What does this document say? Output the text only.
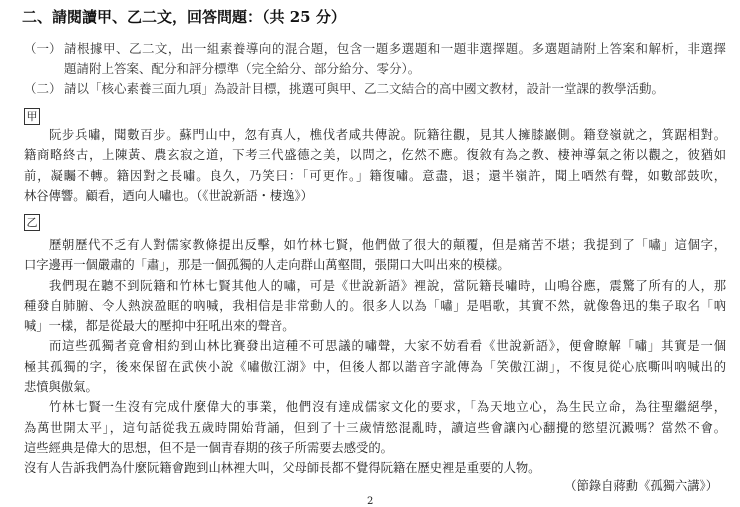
二、請閱讀甲、乙二文，回答問題：（共 25 分）
（一） 請根據甲、乙二文，出一組素養導向的混合題，包含一題多選題和一題非選擇題。多選題請附上答案和解析，非選擇
題請附上答案、配分和評分標準（完全給分、部分給分、零分）。
（二） 請以「核心素養三面九項」為設計目標，挑選可與甲、乙二文結合的高中國文教材，設計一堂課的教學活動。
甲
阮步兵嘯，聞數百步。蘇門山中，忽有真人，樵伐者咸共傳說。阮籍往觀，見其人擁膝巖側。籍登嶺就之，箕踞相對。
籍商略終古，上陳黃、農玄寂之道，下考三代盛德之美，以問之，仡然不應。復敘有為之教、棲神導氣之術以觀之，彼猶如
前，凝矚不轉。籍因對之長嘯。良久，乃笑曰：「可更作。」籍復嘯。意盡，退；還半嶺許，聞上唒然有聲，如數部鼓吹，
林谷傳響。顧看，迺向人嘯也。（《世說新語・棲逸》）
乙
歷朝歷代不乏有人對儒家教條提出反擊，如竹林七賢，他們做了很大的顛覆，但是痛苦不堪；我提到了「嘯」這個字，
口字邊再一個嚴肅的「肅」，那是一個孤獨的人走向群山萬壑間，張開口大叫出來的模樣。
我們現在聽不到阮籍和竹林七賢其他人的嘯，可是《世說新語》裡說，當阮籍長嘯時，山鳴谷應，震驚了所有的人，那
種發自肺腑、令人熱淚盈眶的吶喊，我相信是非常動人的。很多人以為「嘯」是唱歌，其實不然，就像魯迅的集子取名「吶
喊」一樣，都是從最大的壓抑中狂吼出來的聲音。
而這些孤獨者竟會相約到山林比賽發出這種不可思議的嘯聲，大家不妨看看《世說新語》，便會瞭解「嘯」其實是一個
極其孤獨的字，後來保留在武俠小說《嘯傲江湖》中，但後人都以諧音字訛傳為「笑傲江湖」，不復見從心底嘶叫吶喊出的
悲憤與傲氣。
竹林七賢一生沒有完成什麼偉大的事業，他們沒有達成儒家文化的要求，「為天地立心，為生民立命，為往聖繼絕學，
為萬世開太平」，這句話從我五歲時開始背誦，但到了十三歲情慾混亂時，讀這些會讓內心翻攪的慾望沉澱嗎？當然不會。
這些經典是偉大的思想，但不是一個青春期的孩子所需要去感受的。
沒有人告訴我們為什麼阮籍會跑到山林裡大叫，父母師長都不覺得阮籍在歷史裡是重要的人物。
（節錄自蔣勳《孤獨六講》）
2
